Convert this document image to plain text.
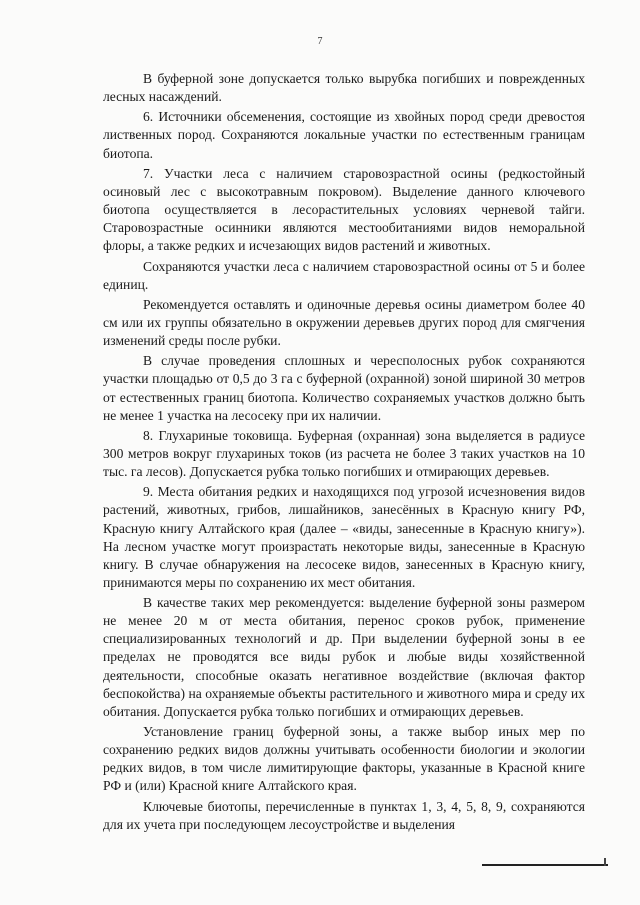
7

В буферной зоне допускается только вырубка погибших и поврежденных лесных насаждений.

6. Источники обсеменения, состоящие из хвойных пород среди древостоя лиственных пород. Сохраняются локальные участки по естественным границам биотопа.

7. Участки леса с наличием старовозрастной осины (редкостойный осиновый лес с высокотравным покровом). Выделение данного ключевого биотопа осуществляется в лесорастительных условиях черневой тайги. Старовозрастные осинники являются местообитаниями видов неморальной флоры, а также редких и исчезающих видов растений и животных.

Сохраняются участки леса с наличием старовозрастной осины от 5 и более единиц.

Рекомендуется оставлять и одиночные деревья осины диаметром более 40 см или их группы обязательно в окружении деревьев других пород для смягчения изменений среды после рубки.

В случае проведения сплошных и чересполосных рубок сохраняются участки площадью от 0,5 до 3 га с буферной (охранной) зоной шириной 30 метров от естественных границ биотопа. Количество сохраняемых участков должно быть не менее 1 участка на лесосеку при их наличии.

8. Глухариные токовища. Буферная (охранная) зона выделяется в радиусе 300 метров вокруг глухариных токов (из расчета не более 3 таких участков на 10 тыс. га лесов). Допускается рубка только погибших и отмирающих деревьев.

9. Места обитания редких и находящихся под угрозой исчезновения видов растений, животных, грибов, лишайников, занесённых в Красную книгу РФ, Красную книгу Алтайского края (далее – «виды, занесенные в Красную книгу»). На лесном участке могут произрастать некоторые виды, занесенные в Красную книгу. В случае обнаружения на лесосеке видов, занесенных в Красную книгу, принимаются меры по сохранению их мест обитания.

В качестве таких мер рекомендуется: выделение буферной зоны размером не менее 20 м от места обитания, перенос сроков рубок, применение специализированных технологий и др. При выделении буферной зоны в ее пределах не проводятся все виды рубок и любые виды хозяйственной деятельности, способные оказать негативное воздействие (включая фактор беспокойства) на охраняемые объекты растительного и животного мира и среду их обитания. Допускается рубка только погибших и отмирающих деревьев.

Установление границ буферной зоны, а также выбор иных мер по сохранению редких видов должны учитывать особенности биологии и экологии редких видов, в том числе лимитирующие факторы, указанные в Красной книге РФ и (или) Красной книге Алтайского края.

Ключевые биотопы, перечисленные в пунктах 1, 3, 4, 5, 8, 9, сохраняются для их учета при последующем лесоустройстве и выделения
